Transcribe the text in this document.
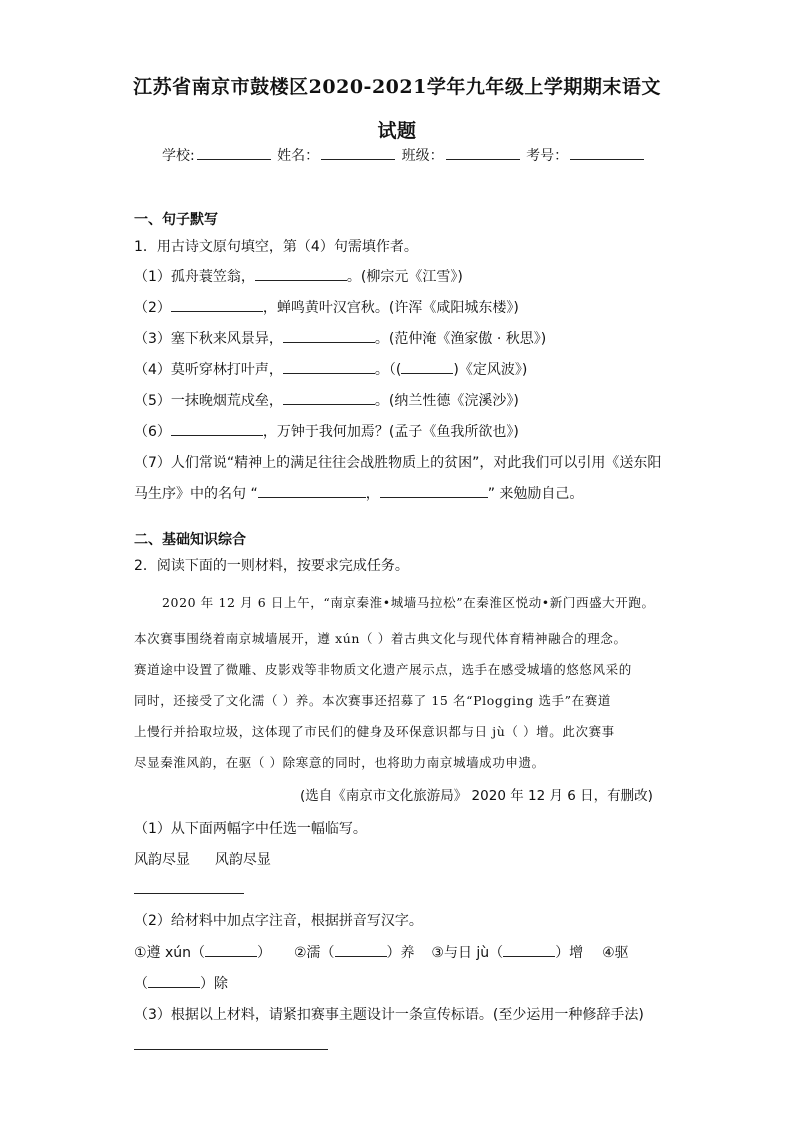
江苏省南京市鼓楼区2020-2021学年九年级上学期期末语文
试题
学校:	姓名：	班级：	考号：
一、句子默写
1．用古诗文原句填空，第（4）句需填作者。
（1）孤舟蓑笠翁，	。(柳宗元《江雪》)
（2）	，蝉鸣黄叶汉宫秋。(许浑《咸阳城东楼》)
（3）塞下秋来风景异，	。(范仲淹《渔家傲 · 秋思》)
（4）莫听穿林打叶声，	。（(	)《定风波》)
（5）一抹晚烟荒戍垒，	。(纳兰性德《浣溪沙》)
（6）	，万钟于我何加焉？(孟子《鱼我所欲也》)
（7）人们常说“精神上的满足往往会战胜物质上的贫困”，对此我们可以引用《送东阳
马生序》中的名句 “	，	” 来勉励自己。
二、基础知识综合
2．阅读下面的一则材料，按要求完成任务。
2020 年 12 月 6 日上午，“南京秦淮•城墙马拉松”在秦淮区悦动•新门西盛大开跑。
本次赛事围绕着南京城墙展开，遵 xún（ ）着古典文化与现代体育精神融合的理念。
赛道途中设置了微雕、皮影戏等非物质文化遗产展示点，选手在感受城墙的悠悠风采的
同时，还接受了文化濡（ ）养。本次赛事还招募了 15 名“Plogging 选手”在赛道
上慢行并拾取垃圾，这体现了市民们的健身及环保意识都与日 jù（ ）增。此次赛事
尽显秦淮风韵，在驱（ ）除寒意的同时，也将助力南京城墙成功申遗。
(选自《南京市文化旅游局》 2020 年 12 月 6 日，有删改)
（1）从下面两幅字中任选一幅临写。
风韵尽显 风韵尽显
（2）给材料中加点字注音，根据拼音写汉字。
①遵 xún（	） ②濡（	）养 ③与日 jù（	）增 ④驱
（	）除
（3）根据以上材料，请紧扣赛事主题设计一条宣传标语。(至少运用一种修辞手法)
